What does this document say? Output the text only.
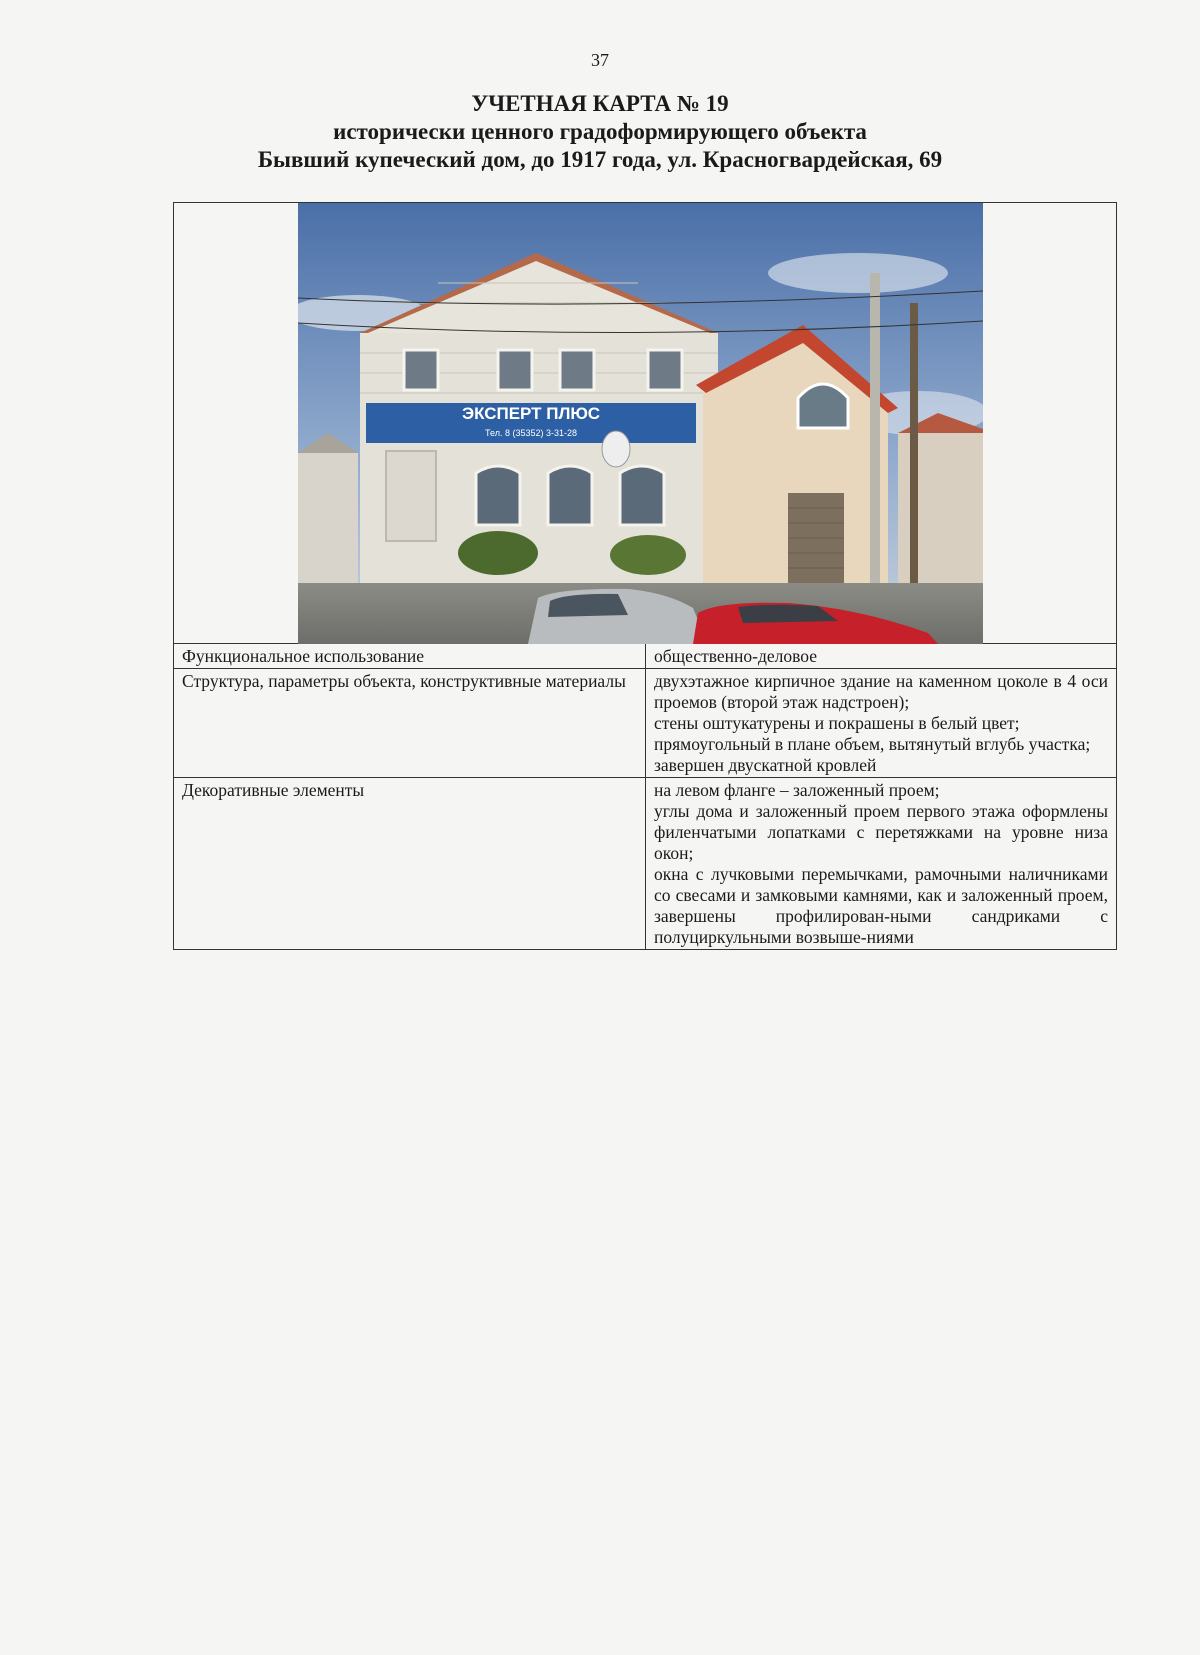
37
УЧЕТНАЯ КАРТА № 19
исторически ценного градоформирующего объекта
Бывший купеческий дом, до 1917 года, ул. Красногвардейская, 69
ЭКСПЕРТ ПЛЮС
Тел. 8 (35352) 3-31-28	

Функциональное использование	общественно-деловое

Структура, параметры объекта, конструктивные материалы	двухэтажное кирпичное здание на каменном цоколе в 4 оси проемов (второй этаж надстроен);
стены оштукатурены и покрашены в белый цвет;
прямоугольный в плане объем, вытянутый вглубь участка;
завершен двускатной кровлей

Декоративные элементы	на левом фланге – заложенный проем;
углы дома и заложенный проем первого этажа оформлены филенчатыми лопатками с перетяжками на уровне низа окон;
окна с лучковыми перемычками, рамочными наличниками со свесами и замковыми камнями, как и заложенный проем, завершены профилирован-ными сандриками с полуциркульными возвыше-ниями
